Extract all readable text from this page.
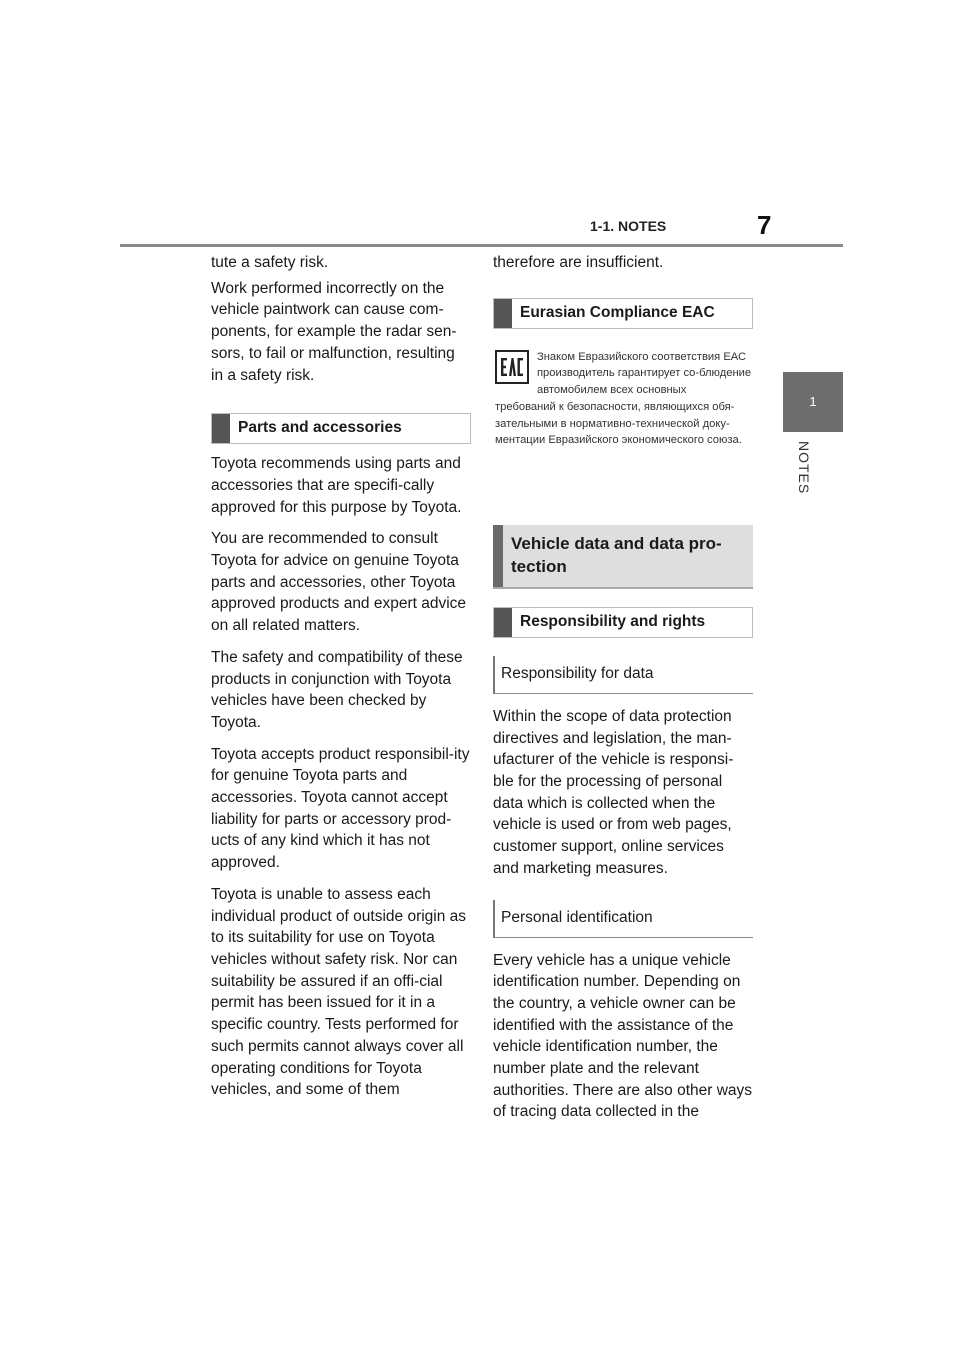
1-1. NOTES	7
1
NOTES

tute a safety risk.

Work performed incorrectly on the vehicle paintwork can cause com-ponents, for example the radar sen-sors, to fail or malfunction, resulting in a safety risk.

Parts and accessories

Toyota recommends using parts and accessories that are specifi-cally approved for this purpose by Toyota.

You are recommended to consult Toyota for advice on genuine Toyota parts and accessories, other Toyota approved products and expert advice on all related matters.

The safety and compatibility of these products in conjunction with Toyota vehicles have been checked by Toyota.

Toyota accepts product responsibil-ity for genuine Toyota parts and accessories. Toyota cannot accept liability for parts or accessory prod-ucts of any kind which it has not approved.

Toyota is unable to assess each individual product of outside origin as to its suitability for use on Toyota vehicles without safety risk. Nor can suitability be assured if an offi-cial permit has been issued for it in a specific country. Tests performed for such permits cannot always cover all operating conditions for Toyota vehicles, and some of them

therefore are insufficient.

Eurasian Compliance EAC
Знаком Евразийского соответствия ЕАС производитель гарантирует со-блюдение автомобилем всех основных
требований к безопасности, являющихся обя-зательными в нормативно-технической доку-ментации Евразийского экономического союза.
Vehicle data and data pro-tection
Responsibility and rights
Responsibility for data

Within the scope of data protection directives and legislation, the man-ufacturer of the vehicle is responsi-ble for the processing of personal data which is collected when the vehicle is used or from web pages, customer support, online services and marketing measures.

Personal identification

Every vehicle has a unique vehicle identification number. Depending on the country, a vehicle owner can be identified with the assistance of the vehicle identification number, the number plate and the relevant authorities. There are also other ways of tracing data collected in the
